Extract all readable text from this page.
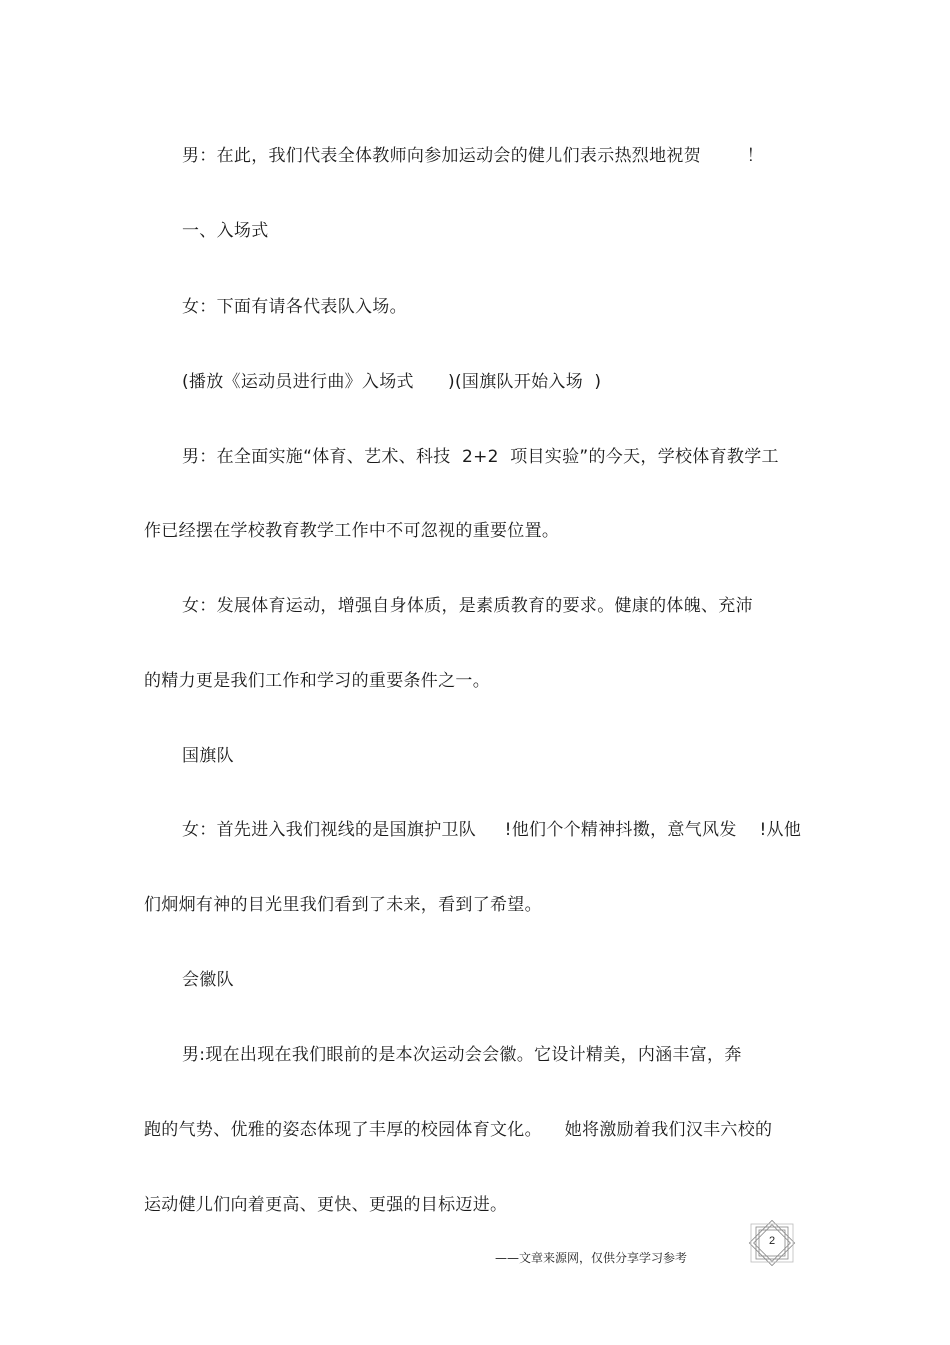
男：在此，我们代表全体教师向参加运动会的健儿们表示热烈地祝贺        ！
一、入场式
女：下面有请各代表队入场。
(播放《运动员进行曲》入场式      )(国旗队开始入场  )
男：在全面实施“体育、艺术、科技  2+2  项目实验”的今天，学校体育教学工
作已经摆在学校教育教学工作中不可忽视的重要位置。
女：发展体育运动，增强自身体质，是素质教育的要求。健康的体魄、充沛
的精力更是我们工作和学习的重要条件之一。
国旗队
女：首先进入我们视线的是国旗护卫队     !他们个个精神抖擞，意气风发    !从他
们炯炯有神的目光里我们看到了未来，看到了希望。
会徽队
男:现在出现在我们眼前的是本次运动会会徽。它设计精美，内涵丰富，奔
跑的气势、优雅的姿态体现了丰厚的校园体育文化。    她将激励着我们汉丰六校的
运动健儿们向着更高、更快、更强的目标迈进。
2
——文章来源网，仅供分享学习参考
